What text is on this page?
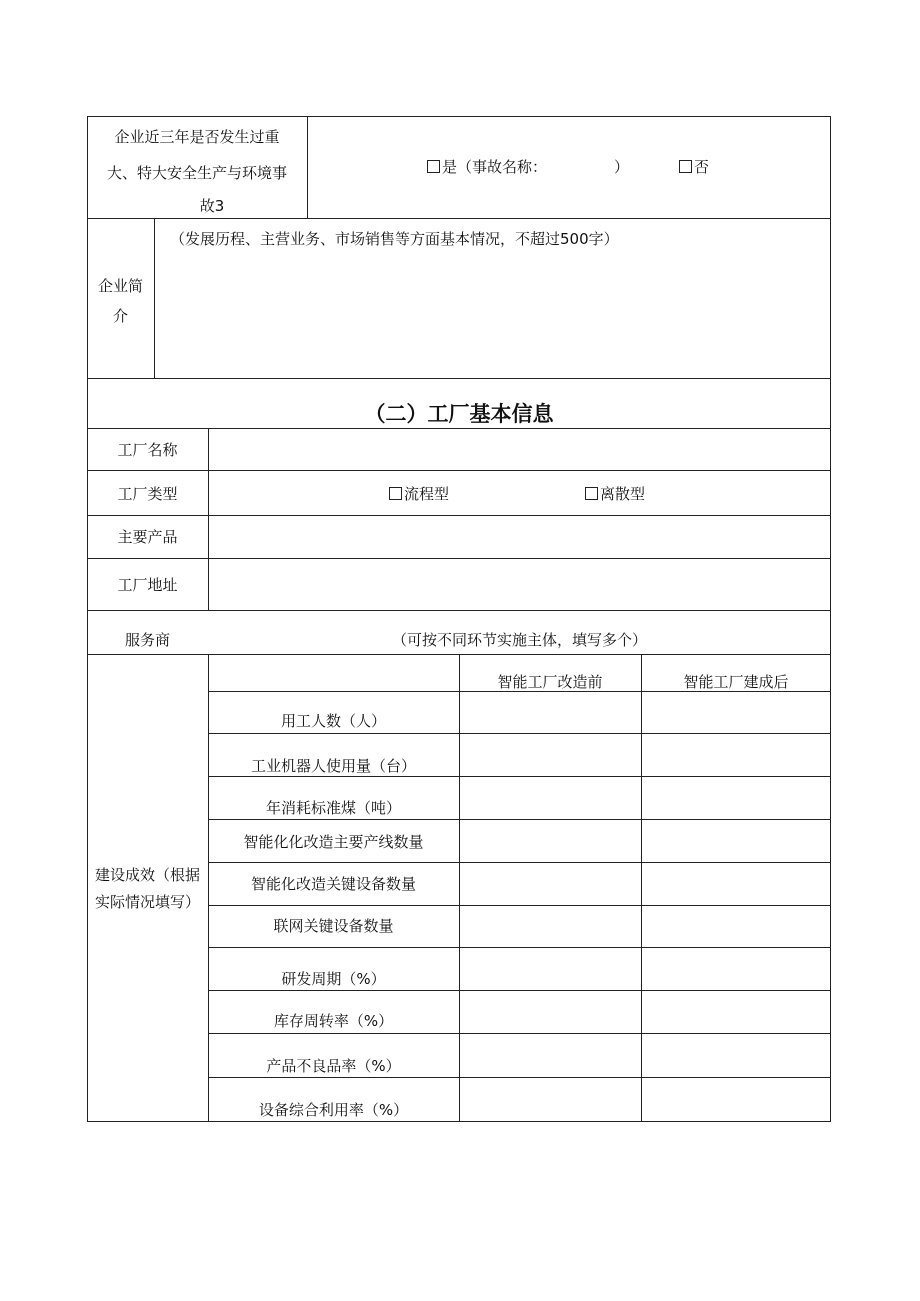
企业近三年是否发生过重
大、特大安全生产与环境事
故3
是（事故名称：	）	否
企业简
介
（发展历程、主营业务、市场销售等方面基本情况，不超过500字）
（二）工厂基本信息
工厂名称
工厂类型	流程型	离散型
主要产品
工厂地址
服务商	（可按不同环节实施主体，填写多个）
建设成效（根据
实际情况填写）
智能工厂改造前	智能工厂建成后
用工人数（人）
工业机器人使用量（台）
年消耗标准煤（吨）
智能化化改造主要产线数量
智能化改造关键设备数量
联网关键设备数量
研发周期（%）
库存周转率（%）
产品不良品率（%）
设备综合利用率（%）
